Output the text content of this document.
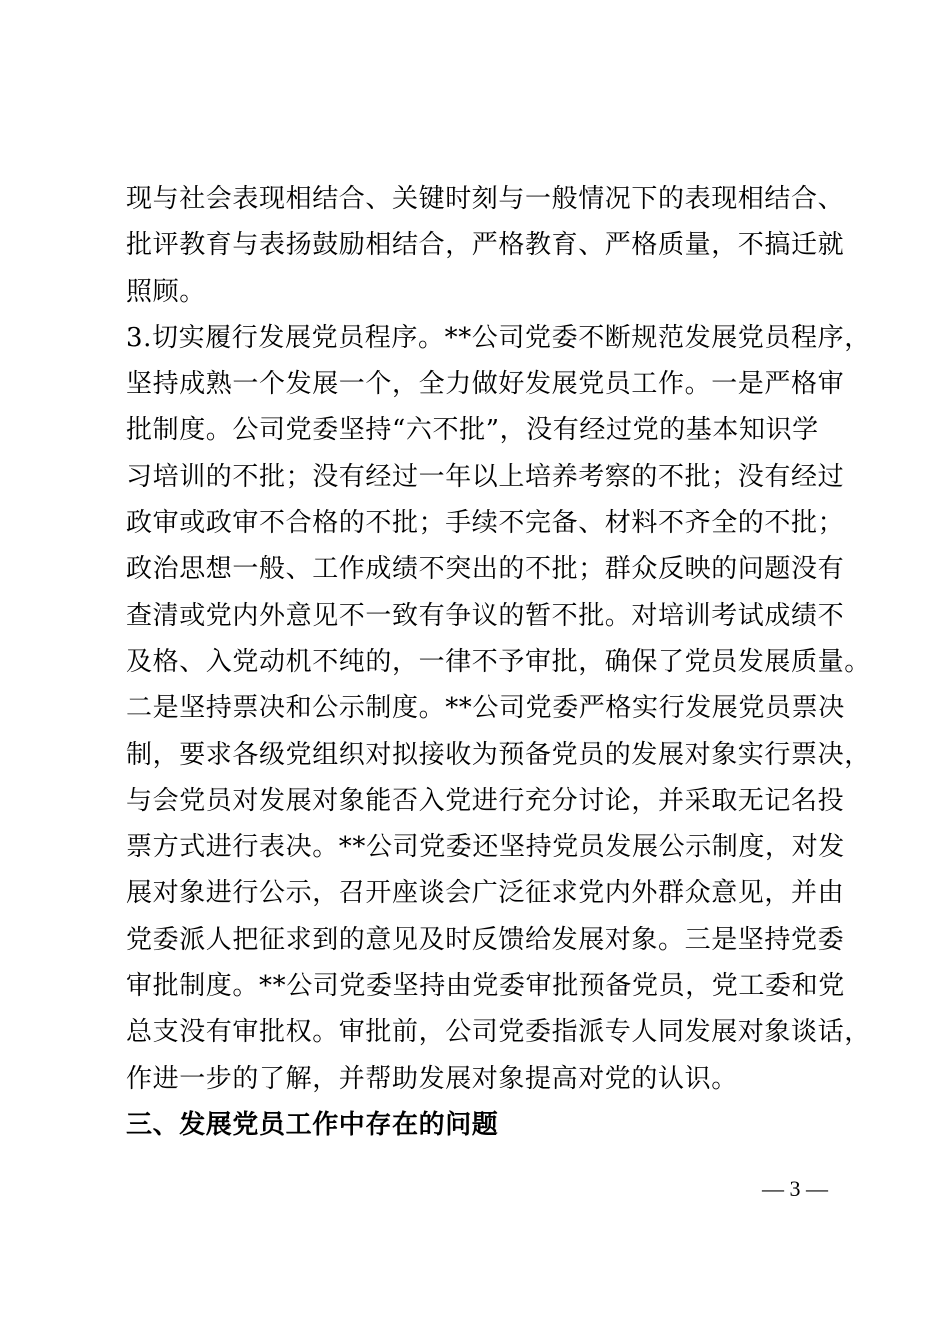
现与社会表现相结合、关键时刻与一般情况下的表现相结合、
批评教育与表扬鼓励相结合，严格教育、严格质量，不搞迁就
照顾。
3.切实履行发展党员程序。**公司党委不断规范发展党员程序，
坚持成熟一个发展一个，全力做好发展党员工作。一是严格审
批制度。公司党委坚持“六不批”，没有经过党的基本知识学
习培训的不批；没有经过一年以上培养考察的不批；没有经过
政审或政审不合格的不批；手续不完备、材料不齐全的不批；
政治思想一般、工作成绩不突出的不批；群众反映的问题没有
查清或党内外意见不一致有争议的暂不批。对培训考试成绩不
及格、入党动机不纯的，一律不予审批，确保了党员发展质量。
二是坚持票决和公示制度。**公司党委严格实行发展党员票决
制，要求各级党组织对拟接收为预备党员的发展对象实行票决，
与会党员对发展对象能否入党进行充分讨论，并采取无记名投
票方式进行表决。**公司党委还坚持党员发展公示制度，对发
展对象进行公示，召开座谈会广泛征求党内外群众意见，并由
党委派人把征求到的意见及时反馈给发展对象。三是坚持党委
审批制度。**公司党委坚持由党委审批预备党员，党工委和党
总支没有审批权。审批前，公司党委指派专人同发展对象谈话，
作进一步的了解，并帮助发展对象提高对党的认识。
三、发展党员工作中存在的问题
— 3 —
